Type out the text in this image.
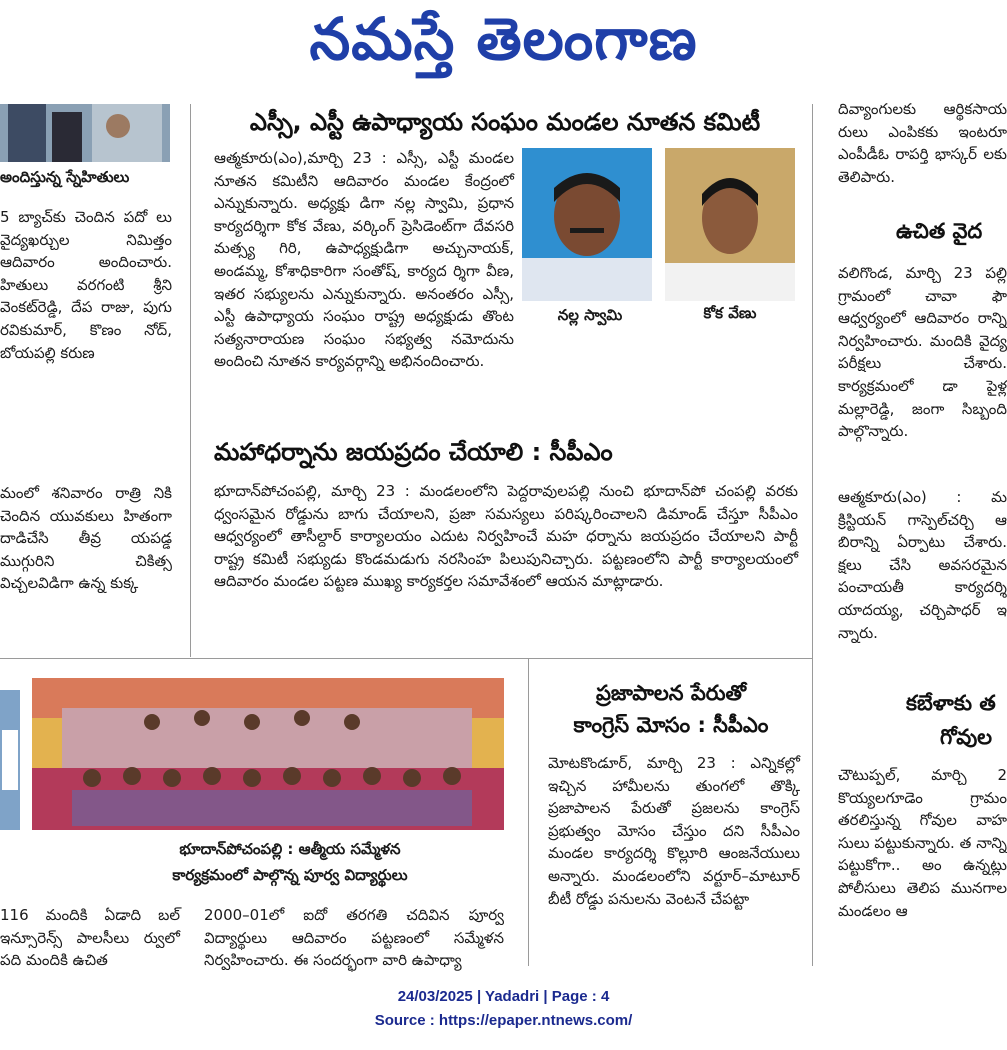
నమస్తే తెలంగాణ
అందిస్తున్న స్నేహితులు

5 బ్యాచ్‌కు చెందిన పదో లు వైద్యఖర్చుల నిమిత్తం ఆదివారం అందించారు. హితులు వరగంటి శ్రీని వెంకట్‌రెడ్డి, దేప రాజు, పుగు రవికుమార్, కొణం నోద్, బోయపల్లి కరుణ

మంలో శనివారం రాత్రి నికి చెందిన యువకులు హితంగా దాడిచేసి తీవ్ర యపడ్డ ముగ్గురిని చికిత్స విచ్చలవిడిగా ఉన్న కుక్క

116 మందికి ఏడాది బల్ ఇన్సూరెన్స్ పాలసీలు ర్వులో పది మందికి ఉచిత

ఎస్సీ, ఎస్టీ ఉపాధ్యాయ సంఘం మండల నూతన కమిటీ
నల్ల స్వామి	కోక వేణు

ఆత్మకూరు(ఎం),మార్చి 23 : ఎస్సీ, ఎస్టీ మండల నూతన కమిటీని ఆదివారం మండల కేంద్రంలో ఎన్నుకున్నారు. అధ్యక్షు డిగా నల్ల స్వామి, ప్రధాన కార్యదర్శిగా కోక వేణు, వర్కింగ్ ప్రెసిడెంట్‌గా దేవసరి మత్స్య గిరి, ఉపాధ్యక్షుడిగా అచ్చునాయక్, అండమ్మ, కోశాధికారిగా సంతోష్, కార్యద ర్శిగా వీణ, ఇతర సభ్యులను ఎన్నుకున్నారు. అనంతరం ఎస్సీ, ఎస్టీ ఉపాధ్యాయ సంఘం రాష్ట్ర అధ్యక్షుడు తొంట సత్యనారాయణ సంఘం సభ్యత్వ నమోదును అందించి నూతన కార్యవర్గాన్ని అభినందించారు.

మహాధర్నాను జయప్రదం చేయాలి : సీపీఎం

భూదాన్‌పోచంపల్లి, మార్చి 23 : మండలంలోని పెద్దరావులపల్లి నుంచి భూదాన్‌పో చంపల్లి వరకు ధ్వంసమైన రోడ్డును బాగు చేయాలని, ప్రజా సమస్యలు పరిష్కరించాలని డిమాండ్ చేస్తూ సీపీఎం ఆధ్వర్యంలో తాసీల్దార్ కార్యాలయం ఎదుట నిర్వహించే మహ ధర్నాను జయప్రదం చేయాలని పార్టీ రాష్ట్ర కమిటీ సభ్యుడు కొండమడుగు నరసింహ పిలుపునిచ్చారు. పట్టణంలోని పార్టీ కార్యాలయంలో ఆదివారం మండల పట్టణ ముఖ్య కార్యకర్తల సమావేశంలో ఆయన మాట్లాడారు.

భూదాన్‌పోచంపల్లి : ఆత్మీయ సమ్మేళన
కార్యక్రమంలో పాల్గొన్న పూర్వ విద్యార్థులు

2000–01లో ఐదో తరగతి చదివిన పూర్వ విద్యార్థులు ఆదివారం పట్టణంలో సమ్మేళన నిర్వహించారు. ఈ సందర్భంగా వారి ఉపాధ్యా

ప్రజాపాలన పేరుతో
కాంగ్రెస్ మోసం : సీపీఎం

మోటకొండూర్, మార్చి 23 : ఎన్నికల్లో ఇచ్చిన హామీలను తుంగలో తొక్కి ప్రజాపాలన పేరుతో ప్రజలను కాంగ్రెస్ ప్రభుత్వం మోసం చేస్తుం దని సీపీఎం మండల కార్యదర్శి కొల్లూరి ఆంజనేయులు అన్నారు. మండలంలోని వర్టూర్–మాటూర్ బీటీ రోడ్డు పనులను వెంటనే చేపట్టా

దివ్యాంగులకు ఆర్థికసాయ రులు ఎంపికకు ఇంటరూ ఎంపీడీఓ రాపర్తి భాస్కర్ లకు తెలిపారు.

ఉచిత వైద

వలిగొండ, మార్చి 23 పల్లి గ్రామంలో చావా ఫౌ ఆధ్వర్యంలో ఆదివారం రాన్ని నిర్వహించారు. మందికి వైద్య పరీక్షలు చేశారు. కార్యక్రమంలో డా పైళ్ల మల్లారెడ్డి, జంగా సిబ్బంది పాల్గొన్నారు.

ఆత్మకూరు(ఎం) : మ క్రిస్టియన్ గాస్పెల్‌చర్చి ఆ బిరాన్ని ఏర్పాటు చేశారు. క్షలు చేసి అవసరమైన పంచాయతీ కార్యదర్శి యాదయ్య, చర్చిపాధర్ ఇ న్నారు.

కబేళాకు త
గోవుల

చౌటుప్పల్, మార్చి 2 కొయ్యలగూడెం గ్రామం తరలిస్తున్న గోవుల వాహ సులు పట్టుకున్నారు. త నాన్ని పట్టుకోగా.. అం ఉన్నట్లు పోలీసులు తెలిప మునగాల మండలం ఆ

24/03/2025 | Yadadri | Page : 4
Source : https://epaper.ntnews.com/
